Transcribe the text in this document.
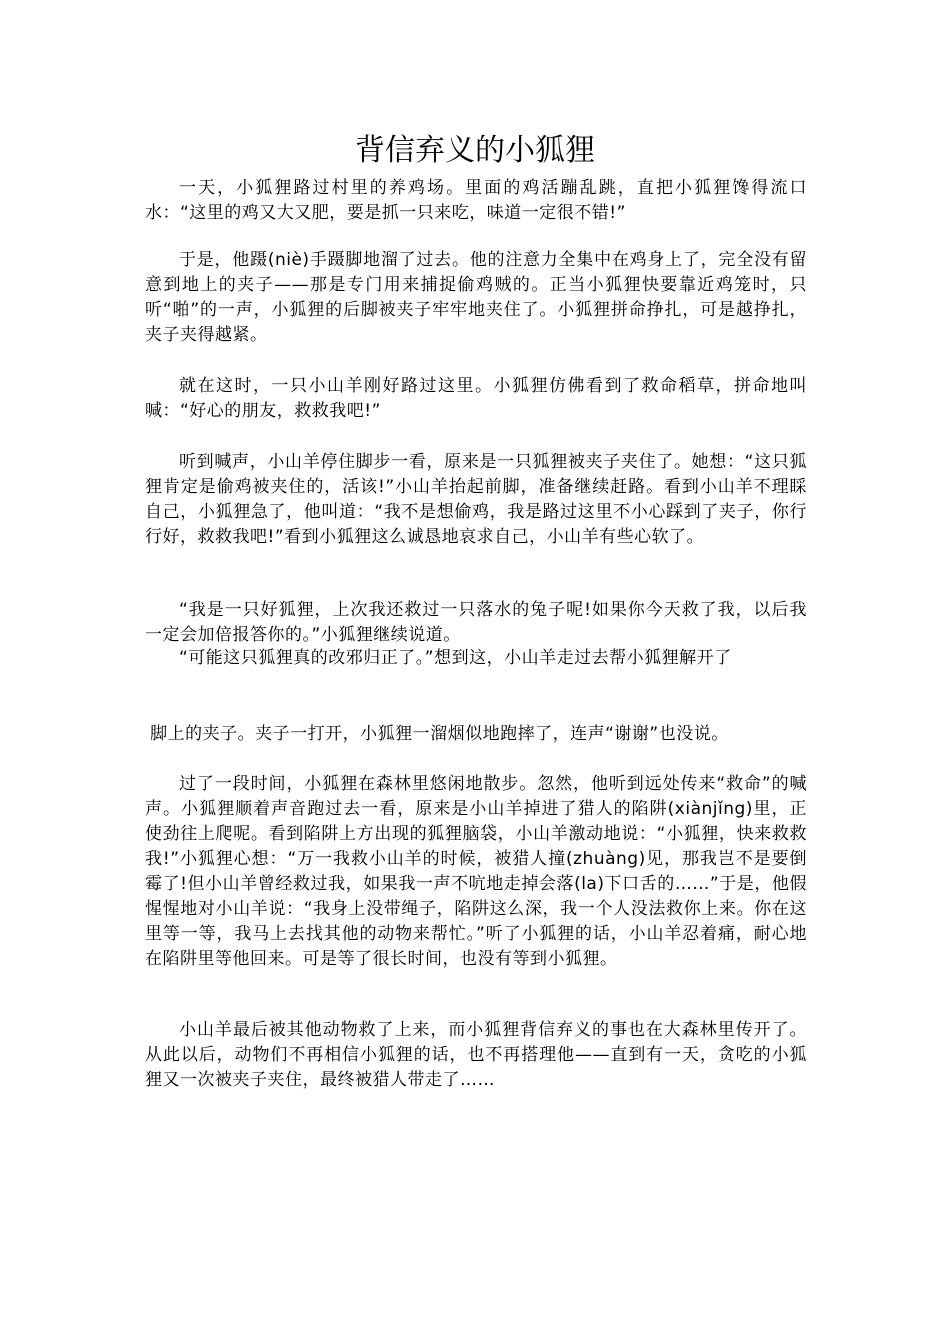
背信弃义的小狐狸

一天，小狐狸路过村里的养鸡场。里面的鸡活蹦乱跳，直把小狐狸馋得流口水：“这里的鸡又大又肥，要是抓一只来吃，味道一定很不错!”

于是，他蹑(niè)手蹑脚地溜了过去。他的注意力全集中在鸡身上了，完全没有留意到地上的夹子——那是专门用来捕捉偷鸡贼的。正当小狐狸快要靠近鸡笼时，只听“啪”的一声，小狐狸的后脚被夹子牢牢地夹住了。小狐狸拼命挣扎，可是越挣扎，夹子夹得越紧。

就在这时，一只小山羊刚好路过这里。小狐狸仿佛看到了救命稻草，拼命地叫喊：“好心的朋友，救救我吧!”

听到喊声，小山羊停住脚步一看，原来是一只狐狸被夹子夹住了。她想：“这只狐狸肯定是偷鸡被夹住的，活该!”小山羊抬起前脚，准备继续赶路。看到小山羊不理睬自己，小狐狸急了，他叫道：“我不是想偷鸡，我是路过这里不小心踩到了夹子，你行行好，救救我吧!”看到小狐狸这么诚恳地哀求自己，小山羊有些心软了。

“我是一只好狐狸，上次我还救过一只落水的兔子呢!如果你今天救了我，以后我一定会加倍报答你的。”小狐狸继续说道。

“可能这只狐狸真的改邪归正了。”想到这，小山羊走过去帮小狐狸解开了

脚上的夹子。夹子一打开，小狐狸一溜烟似地跑摔了，连声“谢谢”也没说。

过了一段时间，小狐狸在森林里悠闲地散步。忽然，他听到远处传来“救命”的喊声。小狐狸顺着声音跑过去一看，原来是小山羊掉进了猎人的陷阱(xiànjǐng)里，正使劲往上爬呢。看到陷阱上方出现的狐狸脑袋，小山羊激动地说：“小狐狸，快来救救我!”小狐狸心想：“万一我救小山羊的时候，被猎人撞(zhuàng)见，那我岂不是要倒霉了!但小山羊曾经救过我，如果我一声不吭地走掉会落(la)下口舌的……”于是，他假惺惺地对小山羊说：“我身上没带绳子，陷阱这么深，我一个人没法救你上来。你在这里等一等，我马上去找其他的动物来帮忙。”听了小狐狸的话，小山羊忍着痛，耐心地在陷阱里等他回来。可是等了很长时间，也没有等到小狐狸。

小山羊最后被其他动物救了上来，而小狐狸背信弃义的事也在大森林里传开了。从此以后，动物们不再相信小狐狸的话，也不再搭理他——直到有一天，贪吃的小狐狸又一次被夹子夹住，最终被猎人带走了……
